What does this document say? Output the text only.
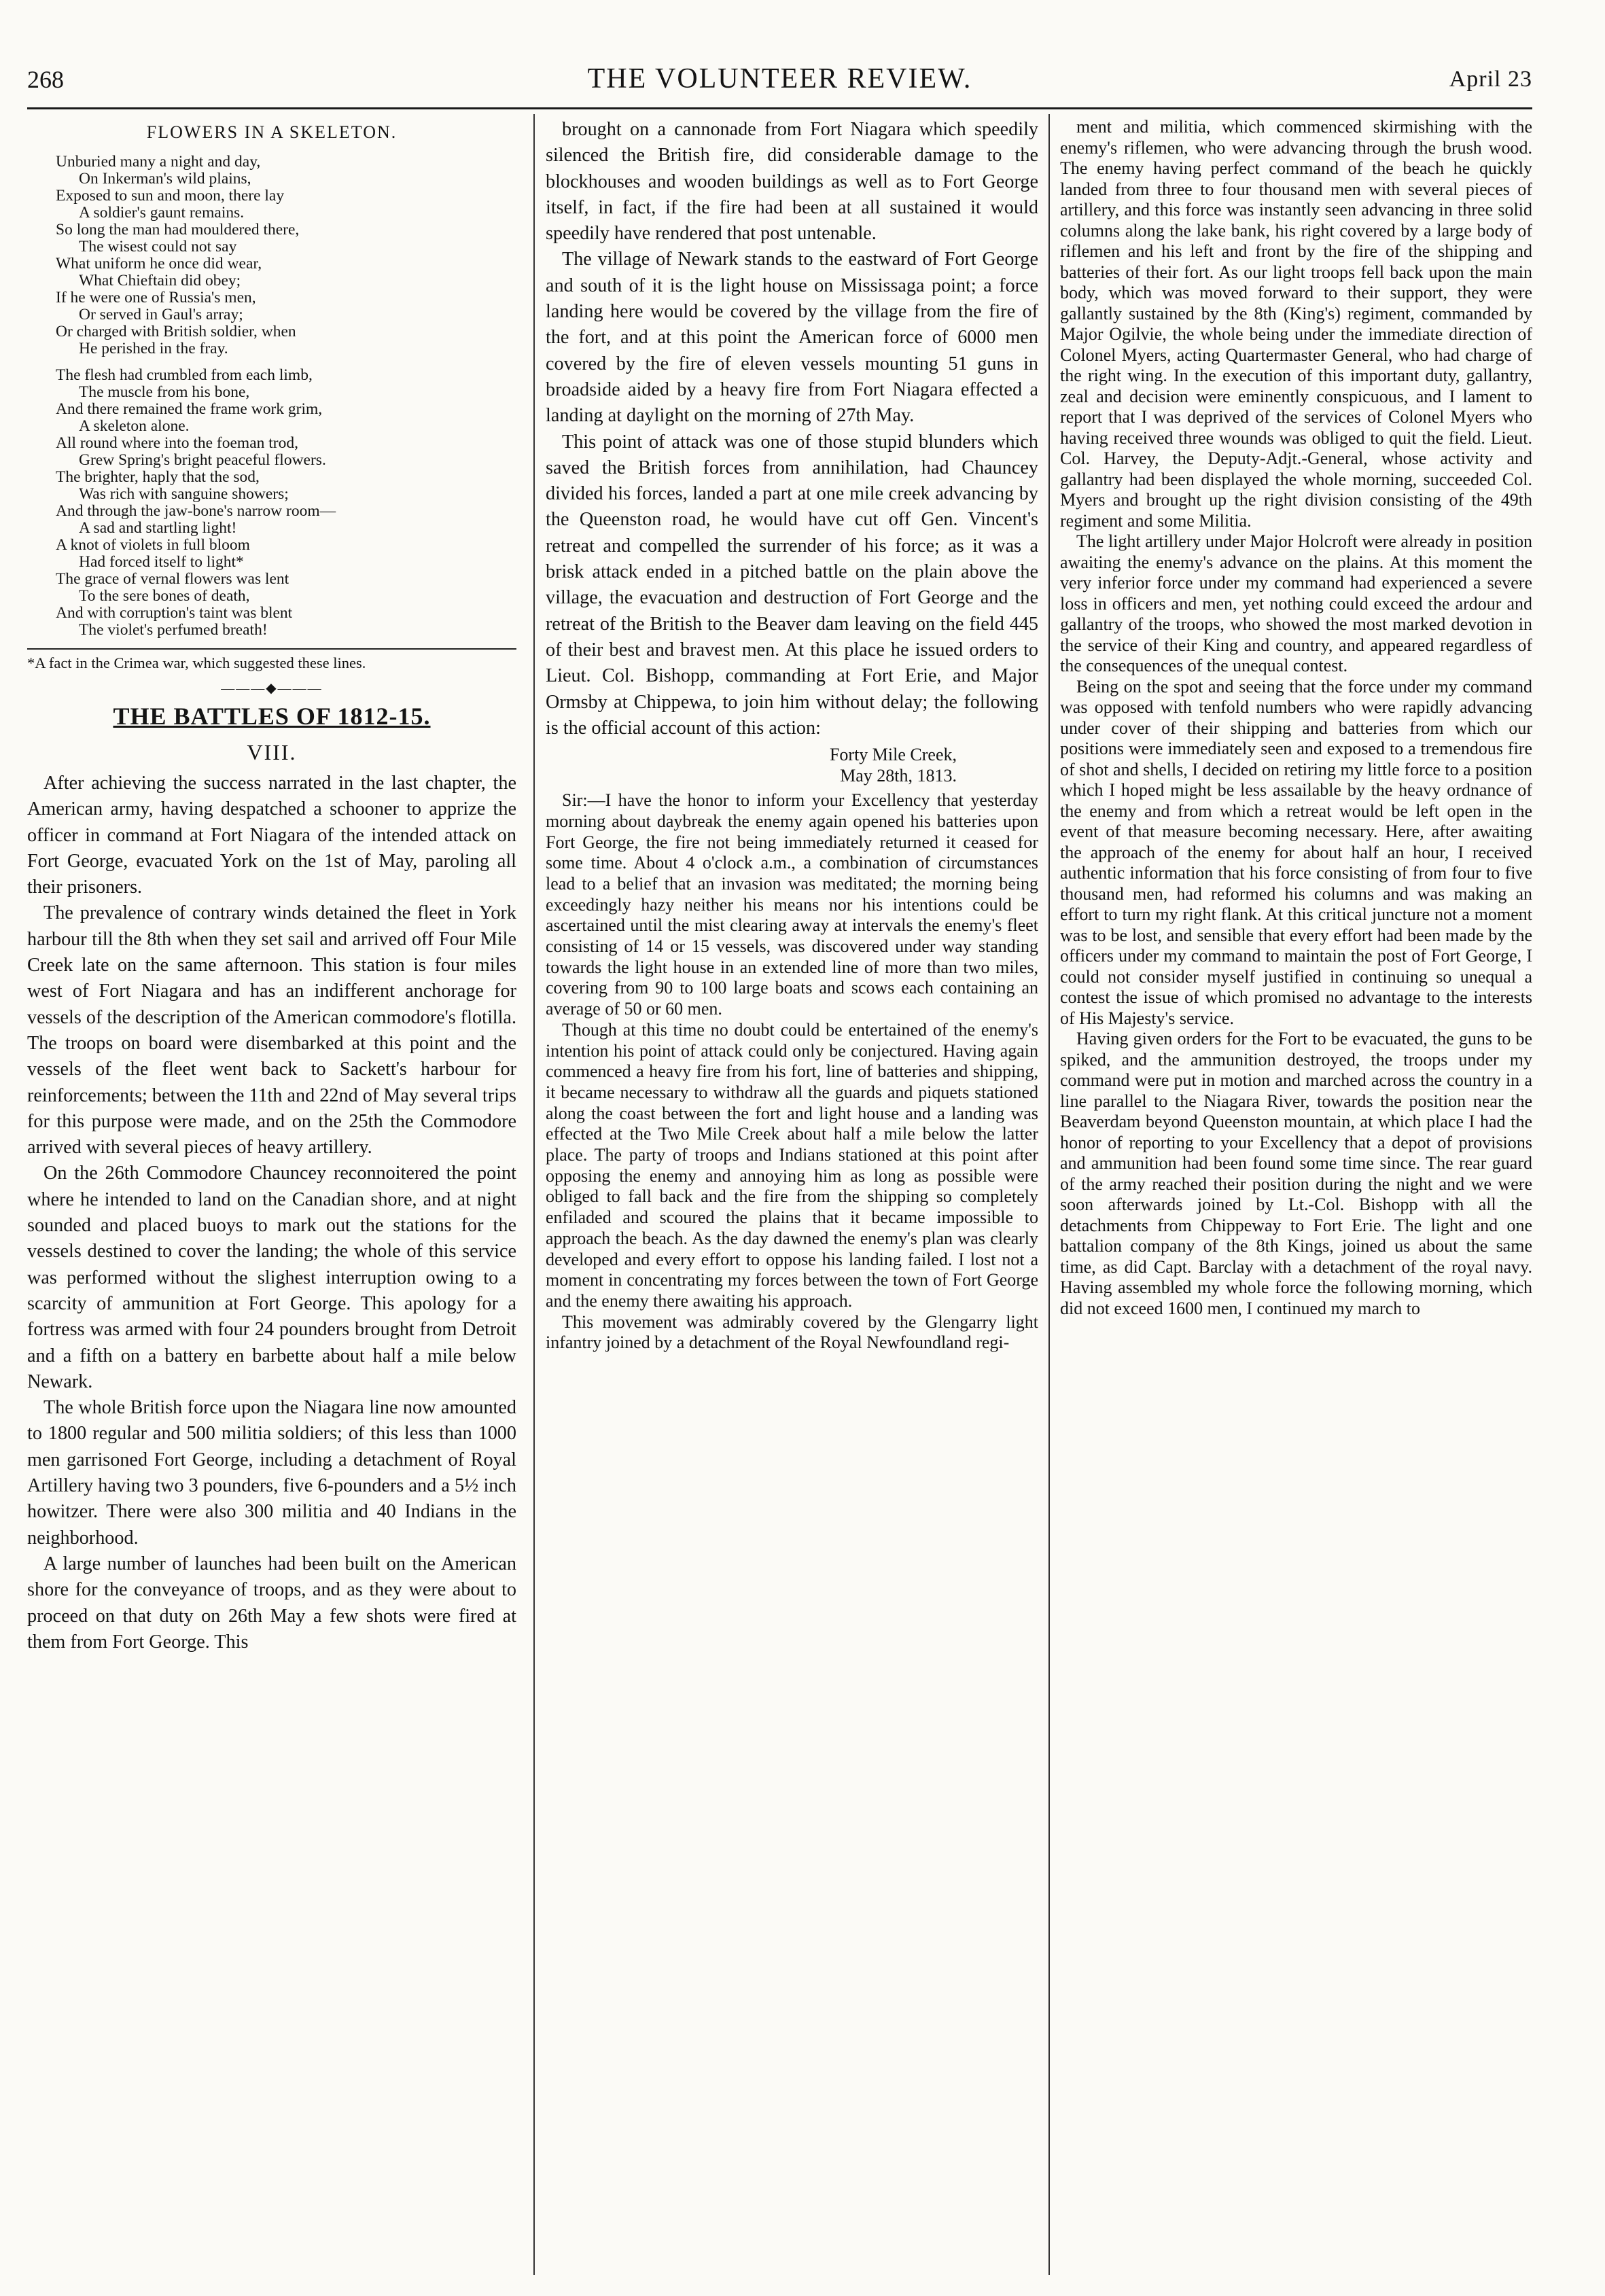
268	THE VOLUNTEER REVIEW.	April 23
FLOWERS IN A SKELETON.
Unburied many a night and day,
On Inkerman's wild plains,
Exposed to sun and moon, there lay
A soldier's gaunt remains.
So long the man had mouldered there,
The wisest could not say
What uniform he once did wear,
What Chieftain did obey;
If he were one of Russia's men,
Or served in Gaul's array;
Or charged with British soldier, when
He perished in the fray.
The flesh had crumbled from each limb,
The muscle from his bone,
And there remained the frame work grim,
A skeleton alone.
All round where into the foeman trod,
Grew Spring's bright peaceful flowers.
The brighter, haply that the sod,
Was rich with sanguine showers;
And through the jaw-bone's narrow room—
A sad and startling light!
A knot of violets in full bloom
Had forced itself to light*
The grace of vernal flowers was lent
To the sere bones of death,
And with corruption's taint was blent
The violet's perfumed breath!
*A fact in the Crimea war, which suggested these lines.
———◆———
THE BATTLES OF 1812-15.
VIII.

After achieving the success narrated in the last chapter, the American army, having despatched a schooner to apprize the officer in command at Fort Niagara of the intended attack on Fort George, evacuated York on the 1st of May, paroling all their prisoners.

The prevalence of contrary winds detained the fleet in York harbour till the 8th when they set sail and arrived off Four Mile Creek late on the same afternoon. This station is four miles west of Fort Niagara and has an indifferent anchorage for vessels of the description of the American commodore's flotilla. The troops on board were disembarked at this point and the vessels of the fleet went back to Sackett's harbour for reinforcements; between the 11th and 22nd of May several trips for this purpose were made, and on the 25th the Commodore arrived with several pieces of heavy artillery.

On the 26th Commodore Chauncey reconnoitered the point where he intended to land on the Canadian shore, and at night sounded and placed buoys to mark out the stations for the vessels destined to cover the landing; the whole of this service was performed without the slighest interruption owing to a scarcity of ammunition at Fort George. This apology for a fortress was armed with four 24 pounders brought from Detroit and a fifth on a battery en barbette about half a mile below Newark.

The whole British force upon the Niagara line now amounted to 1800 regular and 500 militia soldiers; of this less than 1000 men garrisoned Fort George, including a detachment of Royal Artillery having two 3 pounders, five 6-pounders and a 5½ inch howitzer. There were also 300 militia and 40 Indians in the neighborhood.

A large number of launches had been built on the American shore for the conveyance of troops, and as they were about to proceed on that duty on 26th May a few shots were fired at them from Fort George. This

brought on a cannonade from Fort Niagara which speedily silenced the British fire, did considerable damage to the blockhouses and wooden buildings as well as to Fort George itself, in fact, if the fire had been at all sustained it would speedily have rendered that post untenable.

The village of Newark stands to the eastward of Fort George and south of it is the light house on Mississaga point; a force landing here would be covered by the village from the fire of the fort, and at this point the American force of 6000 men covered by the fire of eleven vessels mounting 51 guns in broadside aided by a heavy fire from Fort Niagara effected a landing at daylight on the morning of 27th May.

This point of attack was one of those stupid blunders which saved the British forces from annihilation, had Chauncey divided his forces, landed a part at one mile creek advancing by the Queenston road, he would have cut off Gen. Vincent's retreat and compelled the surrender of his force; as it was a brisk attack ended in a pitched battle on the plain above the village, the evacuation and destruction of Fort George and the retreat of the British to the Beaver dam leaving on the field 445 of their best and bravest men. At this place he issued orders to Lieut. Col. Bishopp, commanding at Fort Erie, and Major Ormsby at Chippewa, to join him without delay; the following is the official account of this action:

Forty Mile Creek,
May 28th, 1813.

Sir:—I have the honor to inform your Excellency that yesterday morning about daybreak the enemy again opened his batteries upon Fort George, the fire not being immediately returned it ceased for some time. About 4 o'clock a.m., a combination of circumstances lead to a belief that an invasion was meditated; the morning being exceedingly hazy neither his means nor his intentions could be ascertained until the mist clearing away at intervals the enemy's fleet consisting of 14 or 15 vessels, was discovered under way standing towards the light house in an extended line of more than two miles, covering from 90 to 100 large boats and scows each containing an average of 50 or 60 men.

Though at this time no doubt could be entertained of the enemy's intention his point of attack could only be conjectured. Having again commenced a heavy fire from his fort, line of batteries and shipping, it became necessary to withdraw all the guards and piquets stationed along the coast between the fort and light house and a landing was effected at the Two Mile Creek about half a mile below the latter place. The party of troops and Indians stationed at this point after opposing the enemy and annoying him as long as possible were obliged to fall back and the fire from the shipping so completely enfiladed and scoured the plains that it became impossible to approach the beach. As the day dawned the enemy's plan was clearly developed and every effort to oppose his landing failed. I lost not a moment in concentrating my forces between the town of Fort George and the enemy there awaiting his approach.

This movement was admirably covered by the Glengarry light infantry joined by a detachment of the Royal Newfoundland regi-

ment and militia, which commenced skirmishing with the enemy's riflemen, who were advancing through the brush wood. The enemy having perfect command of the beach he quickly landed from three to four thousand men with several pieces of artillery, and this force was instantly seen advancing in three solid columns along the lake bank, his right covered by a large body of riflemen and his left and front by the fire of the shipping and batteries of their fort. As our light troops fell back upon the main body, which was moved forward to their support, they were gallantly sustained by the 8th (King's) regiment, commanded by Major Ogilvie, the whole being under the immediate direction of Colonel Myers, acting Quartermaster General, who had charge of the right wing. In the execution of this important duty, gallantry, zeal and decision were eminently conspicuous, and I lament to report that I was deprived of the services of Colonel Myers who having received three wounds was obliged to quit the field. Lieut. Col. Harvey, the Deputy-Adjt.-General, whose activity and gallantry had been displayed the whole morning, succeeded Col. Myers and brought up the right division consisting of the 49th regiment and some Militia.

The light artillery under Major Holcroft were already in position awaiting the enemy's advance on the plains. At this moment the very inferior force under my command had experienced a severe loss in officers and men, yet nothing could exceed the ardour and gallantry of the troops, who showed the most marked devotion in the service of their King and country, and appeared regardless of the consequences of the unequal contest.

Being on the spot and seeing that the force under my command was opposed with tenfold numbers who were rapidly advancing under cover of their shipping and batteries from which our positions were immediately seen and exposed to a tremendous fire of shot and shells, I decided on retiring my little force to a position which I hoped might be less assailable by the heavy ordnance of the enemy and from which a retreat would be left open in the event of that measure becoming necessary. Here, after awaiting the approach of the enemy for about half an hour, I received authentic information that his force consisting of from four to five thousand men, had reformed his columns and was making an effort to turn my right flank. At this critical juncture not a moment was to be lost, and sensible that every effort had been made by the officers under my command to maintain the post of Fort George, I could not consider myself justified in continuing so unequal a contest the issue of which promised no advantage to the interests of His Majesty's service.

Having given orders for the Fort to be evacuated, the guns to be spiked, and the ammunition destroyed, the troops under my command were put in motion and marched across the country in a line parallel to the Niagara River, towards the position near the Beaverdam beyond Queenston mountain, at which place I had the honor of reporting to your Excellency that a depot of provisions and ammunition had been found some time since. The rear guard of the army reached their position during the night and we were soon afterwards joined by Lt.-Col. Bishopp with all the detachments from Chippeway to Fort Erie. The light and one battalion company of the 8th Kings, joined us about the same time, as did Capt. Barclay with a detachment of the royal navy. Having assembled my whole force the following morning, which did not exceed 1600 men, I continued my march to
